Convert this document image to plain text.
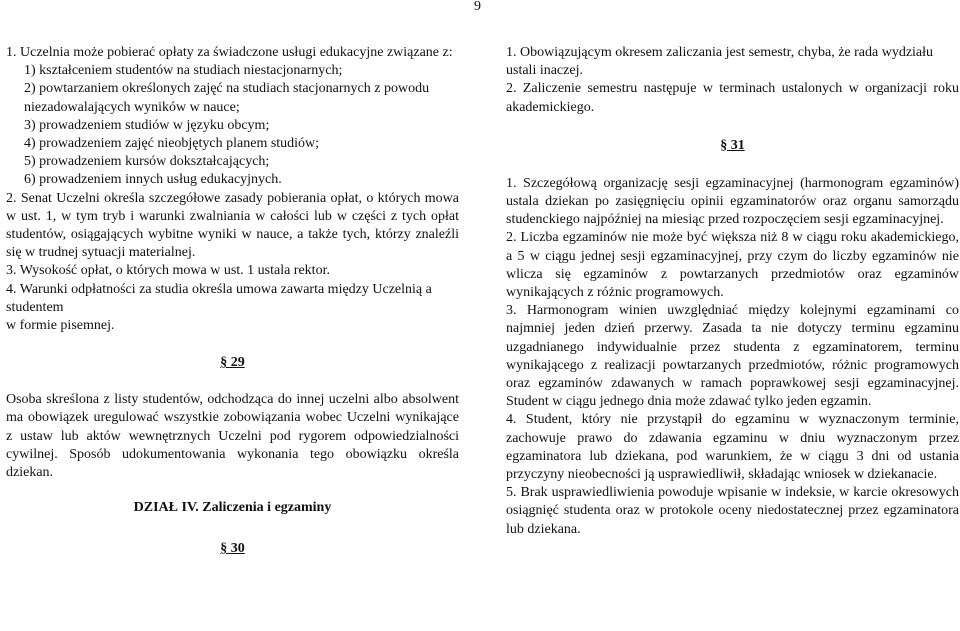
9

1. Uczelnia może pobierać opłaty za świadczone usługi edukacyjne związane z:

1) kształceniem studentów na studiach niestacjonarnych;

2) powtarzaniem określonych zajęć na studiach stacjonarnych z powodu niezadowalających wyników w nauce;

3) prowadzeniem studiów w języku obcym;

4) prowadzeniem zajęć nieobjętych planem studiów;

5) prowadzeniem kursów dokształcających;

6) prowadzeniem innych usług edukacyjnych.

2. Senat Uczelni określa szczegółowe zasady pobierania opłat, o których mowa w ust. 1, w tym tryb i warunki zwalniania w całości lub w części z tych opłat studentów, osiągających wybitne wyniki w nauce, a także tych, którzy znaleźli się w trudnej sytuacji materialnej.

3. Wysokość opłat, o których mowa w ust. 1 ustala rektor.

4. Warunki odpłatności za studia określa umowa zawarta między Uczelnią a studentem

w formie pisemnej.

§ 29

Osoba skreślona z listy studentów, odchodząca do innej uczelni albo absolwent ma obowiązek uregulować wszystkie zobowiązania wobec Uczelni wynikające z ustaw lub aktów wewnętrznych Uczelni pod rygorem odpowiedzialności cywilnej. Sposób udokumentowania wykonania tego obowiązku określa dziekan.

DZIAŁ IV. Zaliczenia i egzaminy
§ 30

1. Obowiązującym okresem zaliczania jest semestr, chyba, że rada wydziału ustali inaczej.

2. Zaliczenie semestru następuje w terminach ustalonych w organizacji roku akademickiego.

§ 31

1. Szczegółową organizację sesji egzaminacyjnej (harmonogram egzaminów) ustala dziekan po zasięgnięciu opinii egzaminatorów oraz organu samorządu studenckiego najpóźniej na miesiąc przed rozpoczęciem sesji egzaminacyjnej.

2. Liczba egzaminów nie może być większa niż 8 w ciągu roku akademickiego, a 5 w ciągu jednej sesji egzaminacyjnej, przy czym do liczby egzaminów nie wlicza się egzaminów z powtarzanych przedmiotów oraz egzaminów wynikających z różnic programowych.

3. Harmonogram winien uwzględniać między kolejnymi egzaminami co najmniej jeden dzień przerwy. Zasada ta nie dotyczy terminu egzaminu uzgadnianego indywidualnie przez studenta z egzaminatorem, terminu wynikającego z realizacji powtarzanych przedmiotów, różnic programowych oraz egzaminów zdawanych w ramach poprawkowej sesji egzaminacyjnej. Student w ciągu jednego dnia może zdawać tylko jeden egzamin.

4. Student, który nie przystąpił do egzaminu w wyznaczonym terminie, zachowuje prawo do zdawania egzaminu w dniu wyznaczonym przez egzaminatora lub dziekana, pod warunkiem, że w ciągu 3 dni od ustania przyczyny nieobecności ją usprawiedliwił, składając wniosek w dziekanacie.

5. Brak usprawiedliwienia powoduje wpisanie w indeksie, w karcie okresowych osiągnięć studenta oraz w protokole oceny niedostatecznej przez egzaminatora lub dziekana.
